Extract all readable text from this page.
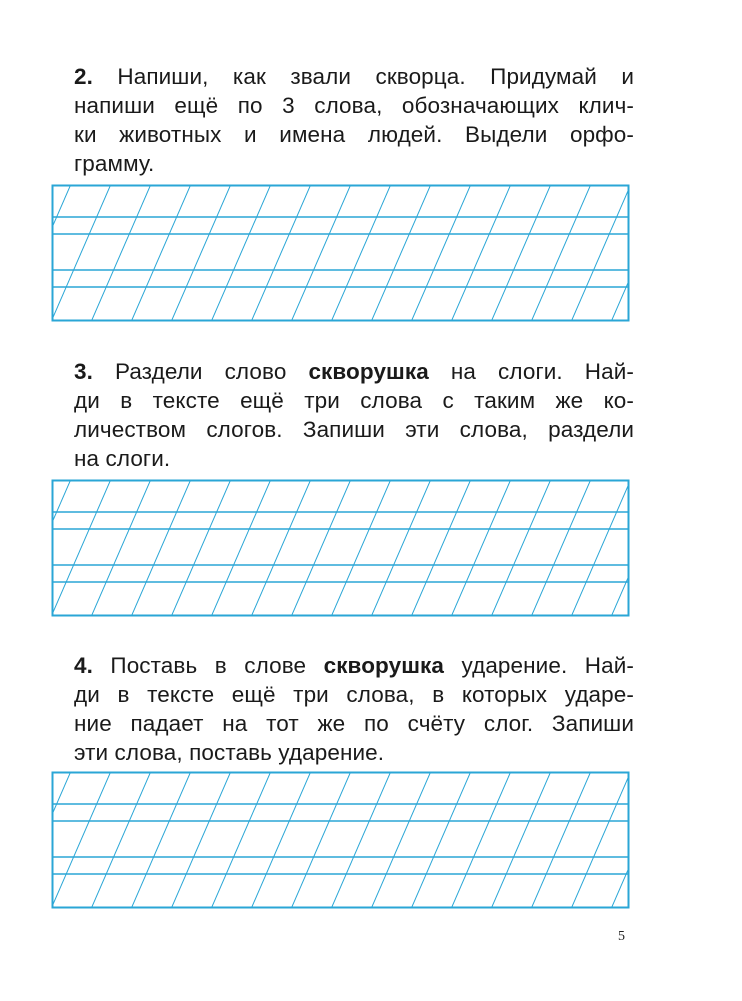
2. Напиши, как звали скворца. Придумай и
напиши ещё по 3 слова, обозначающих клич-
ки животных и имена людей. Выдели орфо-
грамму.
3. Раздели слово скворушка на слоги. Най-
ди в тексте ещё три слова с таким же ко-
личеством слогов. Запиши эти слова, раздели
на слоги.
4. Поставь в слове скворушка ударение. Най-
ди в тексте ещё три слова, в которых ударе-
ние падает на тот же по счёту слог. Запиши
эти слова, поставь ударение.
5
